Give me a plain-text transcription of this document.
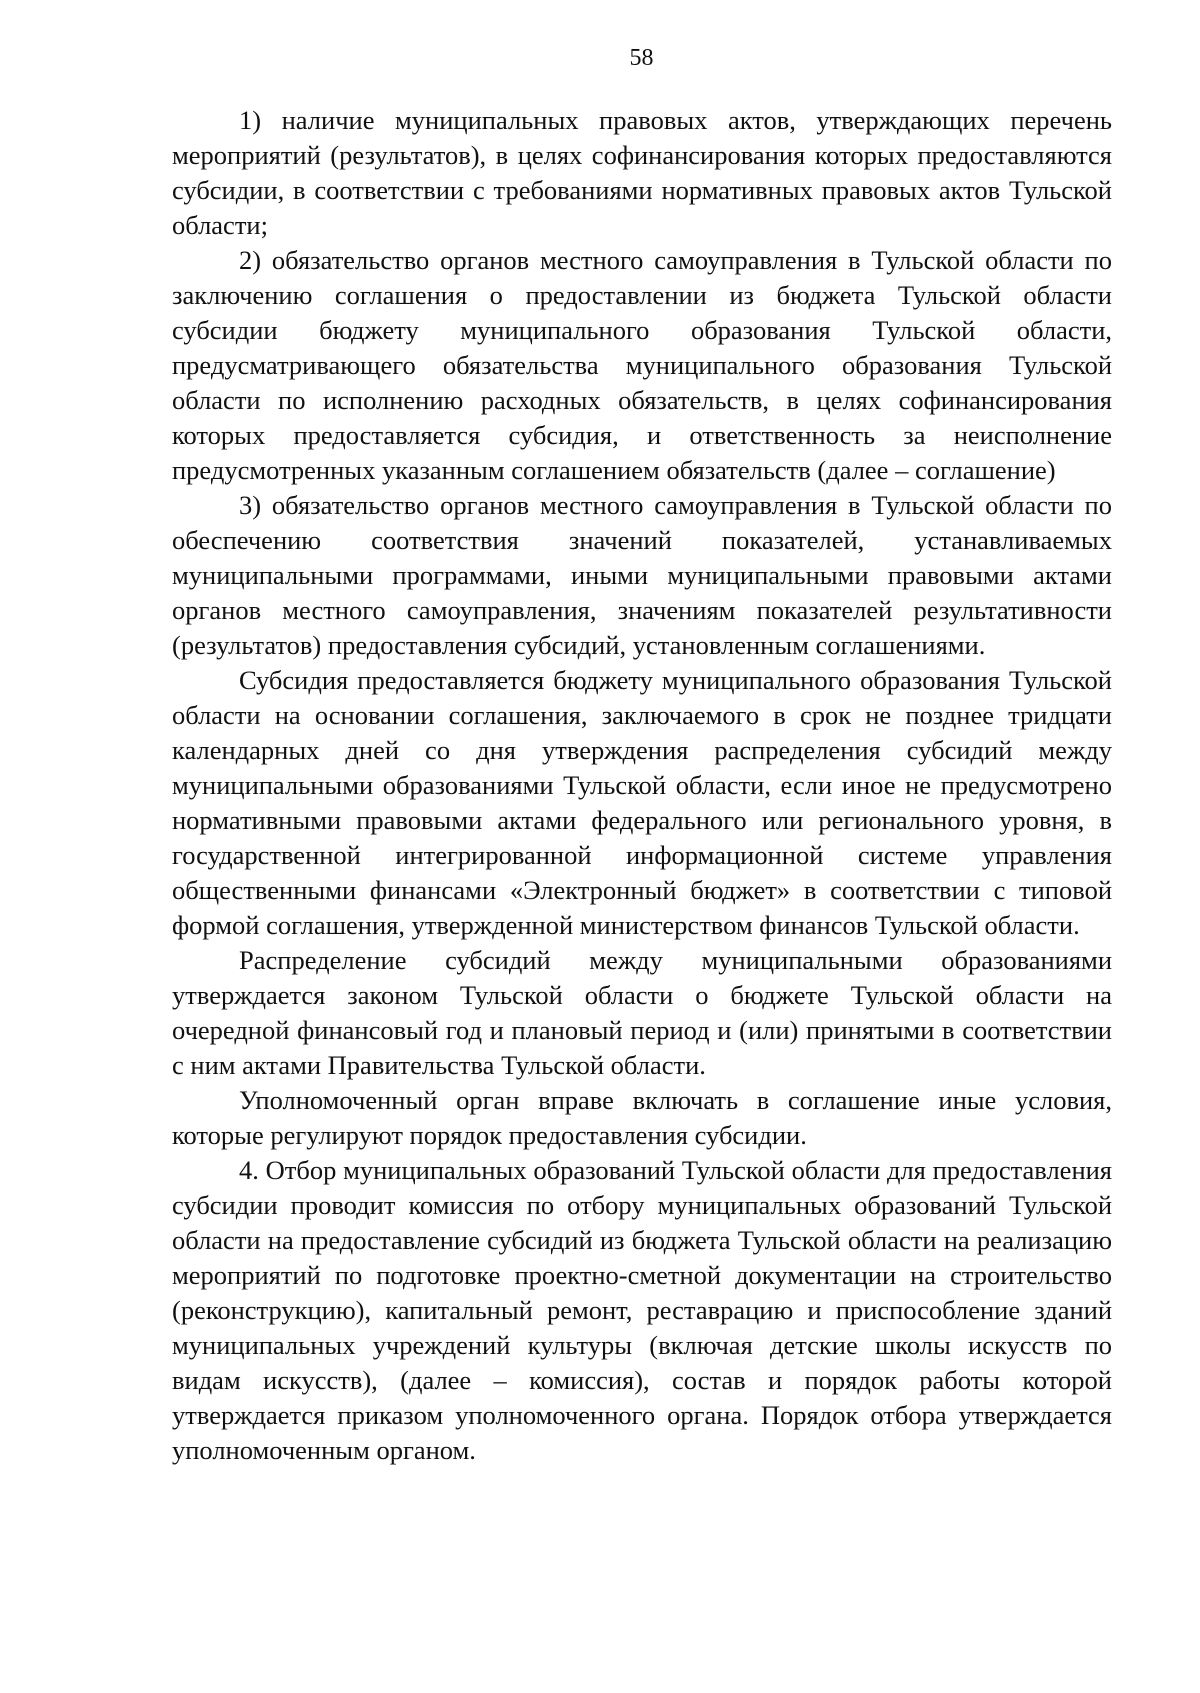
58

1) наличие муниципальных правовых актов, утверждающих перечень мероприятий (результатов), в целях софинансирования которых предоставляются субсидии, в соответствии с требованиями нормативных правовых актов Тульской области;

2) обязательство органов местного самоуправления в Тульской области по заключению соглашения о предоставлении из бюджета Тульской области субсидии бюджету муниципального образования Тульской области, предусматривающего обязательства муниципального образования Тульской области по исполнению расходных обязательств, в целях софинансирования которых предоставляется субсидия, и ответственность за неисполнение предусмотренных указанным соглашением обязательств (далее – соглашение)

3) обязательство органов местного самоуправления в Тульской области по обеспечению соответствия значений показателей, устанавливаемых муниципальными программами, иными муниципальными правовыми актами органов местного самоуправления, значениям показателей результативности (результатов) предоставления субсидий, установленным соглашениями.

Субсидия предоставляется бюджету муниципального образования Тульской области на основании соглашения, заключаемого в срок не позднее тридцати календарных дней со дня утверждения распределения субсидий между муниципальными образованиями Тульской области, если иное не предусмотрено нормативными правовыми актами федерального или регионального уровня, в государственной интегрированной информационной системе управления общественными финансами «Электронный бюджет» в соответствии с типовой формой соглашения, утвержденной министерством финансов Тульской области.

Распределение субсидий между муниципальными образованиями утверждается законом Тульской области о бюджете Тульской области на очередной финансовый год и плановый период и (или) принятыми в соответствии с ним актами Правительства Тульской области.

Уполномоченный орган вправе включать в соглашение иные условия, которые регулируют порядок предоставления субсидии.

4. Отбор муниципальных образований Тульской области для предоставления субсидии проводит комиссия по отбору муниципальных образований Тульской области на предоставление субсидий из бюджета Тульской области на реализацию мероприятий по подготовке проектно-сметной документации на строительство (реконструкцию), капитальный ремонт, реставрацию и приспособление зданий муниципальных учреждений культуры (включая детские школы искусств по видам искусств), (далее – комиссия), состав и порядок работы которой утверждается приказом уполномоченного органа. Порядок отбора утверждается уполномоченным органом.
